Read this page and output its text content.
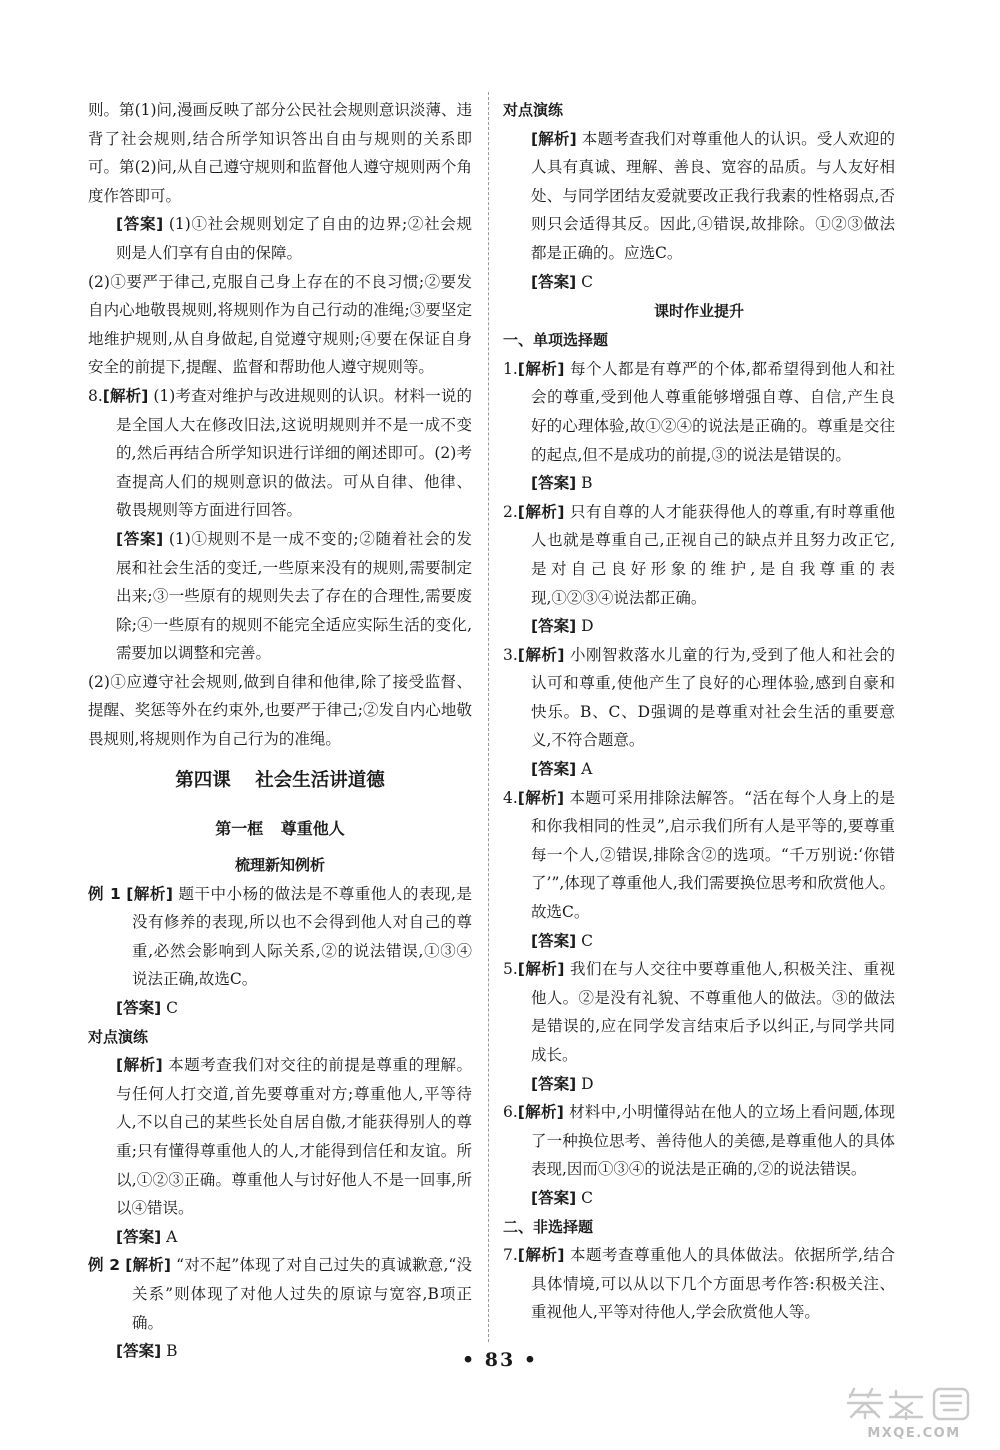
则。第(1)问,漫画反映了部分公民社会规则意识淡薄、违背了社会规则,结合所学知识答出自由与规则的关系即可。第(2)问,从自己遵守规则和监督他人遵守规则两个角度作答即可。

[答案] (1)①社会规则划定了自由的边界;②社会规则是人们享有自由的保障。

(2)①要严于律己,克服自己身上存在的不良习惯;②要发自内心地敬畏规则,将规则作为自己行动的准绳;③要坚定地维护规则,从自身做起,自觉遵守规则;④要在保证自身安全的前提下,提醒、监督和帮助他人遵守规则等。

8.[解析] (1)考查对维护与改进规则的认识。材料一说的是全国人大在修改旧法,这说明规则并不是一成不变的,然后再结合所学知识进行详细的阐述即可。(2)考查提高人们的规则意识的做法。可从自律、他律、敬畏规则等方面进行回答。

[答案] (1)①规则不是一成不变的;②随着社会的发展和社会生活的变迁,一些原来没有的规则,需要制定出来;③一些原有的规则失去了存在的合理性,需要废除;④一些原有的规则不能完全适应实际生活的变化,需要加以调整和完善。

(2)①应遵守社会规则,做到自律和他律,除了接受监督、提醒、奖惩等外在约束外,也要严于律己;②发自内心地敬畏规则,将规则作为自己行为的准绳。

第四课 社会生活讲道德
第一框 尊重他人
梳理新知例析

例 1 [解析] 题干中小杨的做法是不尊重他人的表现,是没有修养的表现,所以也不会得到他人对自己的尊重,必然会影响到人际关系,②的说法错误,①③④说法正确,故选C。

[答案] C

对点演练

[解析] 本题考查我们对交往的前提是尊重的理解。与任何人打交道,首先要尊重对方;尊重他人,平等待人,不以自己的某些长处自居自傲,才能获得别人的尊重;只有懂得尊重他人的人,才能得到信任和友谊。所以,①②③正确。尊重他人与讨好他人不是一回事,所以④错误。

[答案] A

例 2 [解析] “对不起”体现了对自己过失的真诚歉意,“没关系”则体现了对他人过失的原谅与宽容,B项正确。

[答案] B

对点演练

[解析] 本题考查我们对尊重他人的认识。受人欢迎的人具有真诚、理解、善良、宽容的品质。与人友好相处、与同学团结友爱就要改正我行我素的性格弱点,否则只会适得其反。因此,④错误,故排除。①②③做法都是正确的。应选C。

[答案] C

课时作业提升
一、单项选择题

1.[解析] 每个人都是有尊严的个体,都希望得到他人和社会的尊重,受到他人尊重能够增强自尊、自信,产生良好的心理体验,故①②④的说法是正确的。尊重是交往的起点,但不是成功的前提,③的说法是错误的。

[答案] B

2.[解析] 只有自尊的人才能获得他人的尊重,有时尊重他人也就是尊重自己,正视自己的缺点并且努力改正它,是对自己良好形象的维护,是自我尊重的表现,①②③④说法都正确。

[答案] D

3.[解析] 小刚智救落水儿童的行为,受到了他人和社会的认可和尊重,使他产生了良好的心理体验,感到自豪和快乐。B、C、D强调的是尊重对社会生活的重要意义,不符合题意。

[答案] A

4.[解析] 本题可采用排除法解答。“活在每个人身上的是和你我相同的性灵”,启示我们所有人是平等的,要尊重每一个人,②错误,排除含②的选项。“千万别说:‘你错了’”,体现了尊重他人,我们需要换位思考和欣赏他人。故选C。

[答案] C

5.[解析] 我们在与人交往中要尊重他人,积极关注、重视他人。②是没有礼貌、不尊重他人的做法。③的做法是错误的,应在同学发言结束后予以纠正,与同学共同成长。

[答案] D

6.[解析] 材料中,小明懂得站在他人的立场上看问题,体现了一种换位思考、善待他人的美德,是尊重他人的具体表现,因而①③④的说法是正确的,②的说法错误。

[答案] C

二、非选择题

7.[解析] 本题考查尊重他人的具体做法。依据所学,结合具体情境,可以从以下几个方面思考作答:积极关注、重视他人,平等对待他人,学会欣赏他人等。

• 83 •
MXQE.COM
